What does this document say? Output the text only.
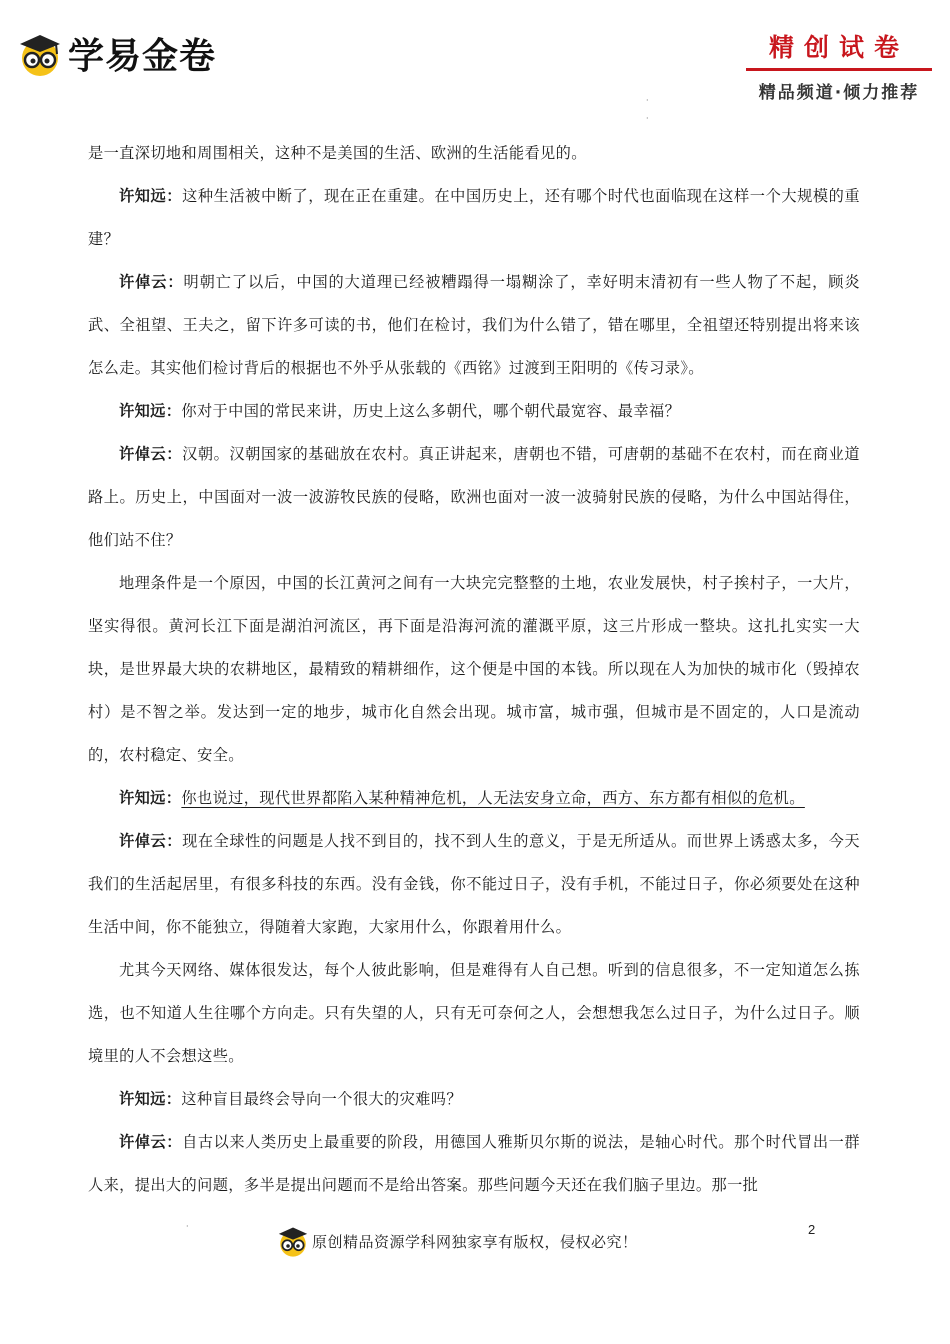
学易金卷	精创试卷
精品频道·倾力推荐
·
·

是一直深切地和周围相关，这种不是美国的生活、欧洲的生活能看见的。

许知远：这种生活被中断了，现在正在重建。在中国历史上，还有哪个时代也面临现在这样一个大规模的重建？

许倬云：明朝亡了以后，中国的大道理已经被糟蹋得一塌糊涂了，幸好明末清初有一些人物了不起，顾炎武、全祖望、王夫之，留下许多可读的书，他们在检讨，我们为什么错了，错在哪里，全祖望还特别提出将来该怎么走。其实他们检讨背后的根据也不外乎从张载的《西铭》过渡到王阳明的《传习录》。

许知远：你对于中国的常民来讲，历史上这么多朝代，哪个朝代最宽容、最幸福？

许倬云：汉朝。汉朝国家的基础放在农村。真正讲起来，唐朝也不错，可唐朝的基础不在农村，而在商业道路上。历史上，中国面对一波一波游牧民族的侵略，欧洲也面对一波一波骑射民族的侵略，为什么中国站得住，他们站不住？

地理条件是一个原因，中国的长江黄河之间有一大块完完整整的土地，农业发展快，村子挨村子，一大片，坚实得很。黄河长江下面是湖泊河流区，再下面是沿海河流的灌溉平原，这三片形成一整块。这扎扎实实一大块，是世界最大块的农耕地区，最精致的精耕细作，这个便是中国的本钱。所以现在人为加快的城市化（毁掉农村）是不智之举。发达到一定的地步，城市化自然会出现。城市富，城市强，但城市是不固定的，人口是流动的，农村稳定、安全。

许知远：你也说过，现代世界都陷入某种精神危机，人无法安身立命，西方、东方都有相似的危机。

许倬云：现在全球性的问题是人找不到目的，找不到人生的意义，于是无所适从。而世界上诱惑太多，今天我们的生活起居里，有很多科技的东西。没有金钱，你不能过日子，没有手机，不能过日子，你必须要处在这种生活中间，你不能独立，得随着大家跑，大家用什么，你跟着用什么。

尤其今天网络、媒体很发达，每个人彼此影响，但是难得有人自己想。听到的信息很多，不一定知道怎么拣选，也不知道人生往哪个方向走。只有失望的人，只有无可奈何之人，会想想我怎么过日子，为什么过日子。顺境里的人不会想这些。

许知远：这种盲目最终会导向一个很大的灾难吗？

许倬云：自古以来人类历史上最重要的阶段，用德国人雅斯贝尔斯的说法，是轴心时代。那个时代冒出一群人来，提出大的问题，多半是提出问题而不是给出答案。那些问题今天还在我们脑子里边。那一批

·
原创精品资源学科网独家享有版权，侵权必究！
2
